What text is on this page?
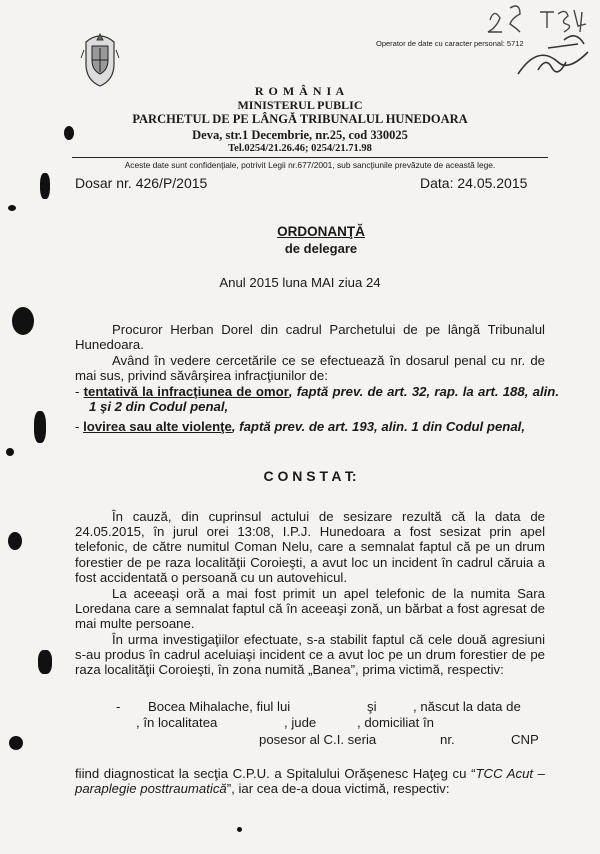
Operator de date cu caracter personal: 5712
R O M Â N I A
MINISTERUL PUBLIC
PARCHETUL DE PE LÂNGĂ TRIBUNALUL HUNEDOARA
Deva, str.1 Decembrie, nr.25, cod 330025
Tel.0254/21.26.46; 0254/21.71.98
Aceste date sunt confidenţiale, potrivit Legii nr.677/2001, sub sancţiunile prevăzute de această lege.
Dosar nr. 426/P/2015	Data: 24.05.2015
ORDONANŢĂ
de delegare
Anul 2015 luna MAI ziua 24
Procuror Herban Dorel din cadrul Parchetului de pe lângă Tribunalul Hunedoara.
Având în vedere cercetările ce se efectuează în dosarul penal cu nr. de mai sus, privind săvârşirea infracţiunilor de:
- tentativă la infracţiunea de omor, faptă prev. de art. 32, rap. la art. 188, alin. 1 şi 2 din Codul penal,
- lovirea sau alte violenţe, faptă prev. de art. 193, alin. 1 din Codul penal,
C O N S T A T:
În cauză, din cuprinsul actului de sesizare rezultă că la data de 24.05.2015, în jurul orei 13:08, I.P.J. Hunedoara a fost sesizat prin apel telefonic, de către numitul Coman Nelu, care a semnalat faptul că pe un drum forestier de pe raza localităţii Coroieşti, a avut loc un incident în cadrul căruia a fost accidentată o persoană cu un autovehicul.
La aceeaşi oră a mai fost primit un apel telefonic de la numita Sara Loredana care a semnalat faptul că în aceeaşi zonă, un bărbat a fost agresat de mai multe persoane.
În urma investigaţiilor efectuate, s-a stabilit faptul că cele două agresiuni s-au produs în cadrul aceluiaşi incident ce a avut loc pe un drum forestier de pe raza localităţii Coroieşti, în zona numită „Banea”, prima victimă, respectiv:
- Bocea Mihalache, fiul lui	şi	, născut la data de
, în localitatea	, jude	, domiciliat în
posesor al C.I. seria	nr.	CNP
fiind diagnosticat la secţia C.P.U. a Spitalului Orăşenesc Haţeg cu “TCC Acut – paraplegie posttraumatică”, iar cea de-a doua victimă, respectiv:
